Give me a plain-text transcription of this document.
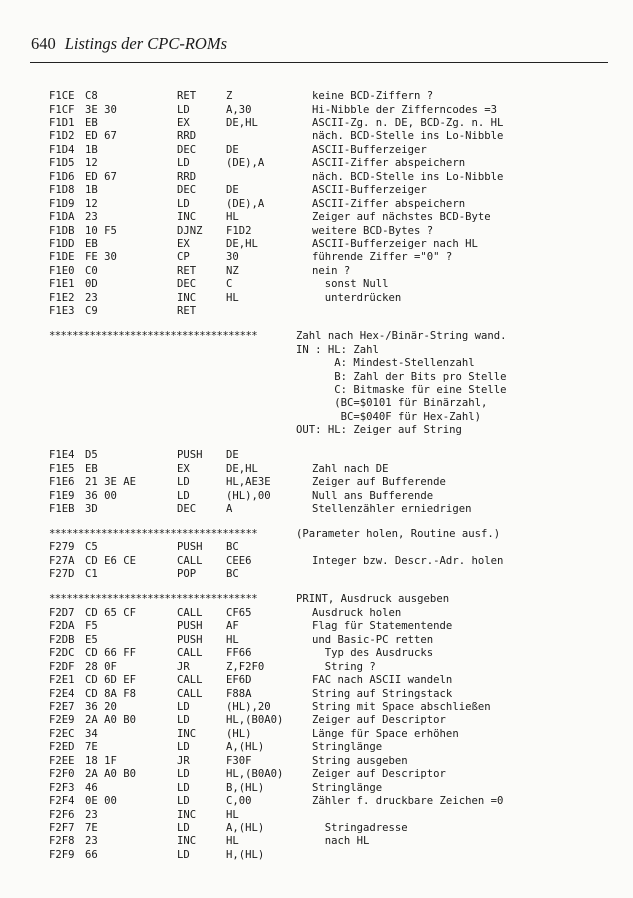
640 Listings der CPC-ROMs
F1CE C8	RET	Z	keine BCD-Ziffern ?
F1CF 3E 30	LD	A,30	Hi-Nibble der Zifferncodes =3
F1D1 EB	EX	DE,HL	ASCII-Zg. n. DE, BCD-Zg. n. HL
F1D2 ED 67	RRD	näch. BCD-Stelle ins Lo-Nibble
F1D4 1B	DEC	DE	ASCII-Bufferzeiger
F1D5 12	LD	(DE),A	ASCII-Ziffer abspeichern
F1D6 ED 67	RRD	näch. BCD-Stelle ins Lo-Nibble
F1D8 1B	DEC	DE	ASCII-Bufferzeiger
F1D9 12	LD	(DE),A	ASCII-Ziffer abspeichern
F1DA 23	INC	HL	Zeiger auf nächstes BCD-Byte
F1DB 10 F5	DJNZ F1D2	weitere BCD-Bytes ?
F1DD EB	EX	DE,HL	ASCII-Bufferzeiger nach HL
F1DE FE 30	CP	30	führende Ziffer ="0" ?
F1E0 C0	RET	NZ	nein ?
F1E1 0D	DEC	C	sonst Null
F1E2 23	INC	HL	unterdrücken
F1E3 C9	RET
************************************	Zahl nach Hex-/Binär-String wand.
IN : HL: Zahl
A: Mindest-Stellenzahl
B: Zahl der Bits pro Stelle
C: Bitmaske für eine Stelle
(BC=$0101 für Binärzahl,
BC=$040F für Hex-Zahl)
OUT: HL: Zeiger auf String
F1E4 D5	PUSH DE
F1E5 EB	EX	DE,HL	Zahl nach DE
F1E6 21 3E AE	LD	HL,AE3E	Zeiger auf Bufferende
F1E9 36 00	LD	(HL),00	Null ans Bufferende
F1EB 3D	DEC	A	Stellenzähler erniedrigen
************************************	(Parameter holen, Routine ausf.)
F279 C5	PUSH BC
F27A CD E6 CE	CALL CEE6	Integer bzw. Descr.-Adr. holen
F27D C1	POP	BC
************************************	PRINT, Ausdruck ausgeben
F2D7 CD 65 CF	CALL CF65	Ausdruck holen
F2DA F5	PUSH AF	Flag für Statementende
F2DB E5	PUSH HL	und Basic-PC retten
F2DC CD 66 FF	CALL FF66	Typ des Ausdrucks
F2DF 28 0F	JR	Z,F2F0	String ?
F2E1 CD 6D EF	CALL EF6D	FAC nach ASCII wandeln
F2E4 CD 8A F8	CALL F88A	String auf Stringstack
F2E7 36 20	LD	(HL),20	String mit Space abschließen
F2E9 2A A0 B0	LD	HL,(B0A0)	Zeiger auf Descriptor
F2EC 34	INC	(HL)	Länge für Space erhöhen
F2ED 7E	LD	A,(HL)	Stringlänge
F2EE 18 1F	JR	F30F	String ausgeben
F2F0 2A A0 B0	LD	HL,(B0A0)	Zeiger auf Descriptor
F2F3 46	LD	B,(HL)	Stringlänge
F2F4 0E 00	LD	C,00	Zähler f. druckbare Zeichen =0
F2F6 23	INC	HL
F2F7 7E	LD	A,(HL)	Stringadresse
F2F8 23	INC	HL	nach HL
F2F9 66	LD	H,(HL)
